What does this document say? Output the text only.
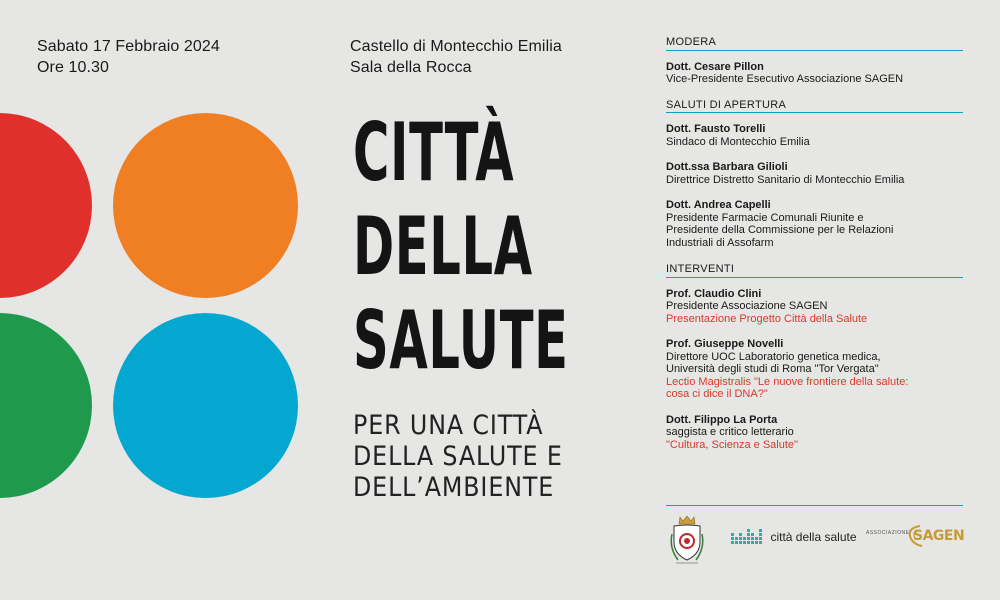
Sabato 17 Febbraio 2024
Ore 10.30
Castello di Montecchio Emilia
Sala della Rocca
CITTÀ
DELLA
SALUTE
PER UNA CITTÀ
DELLA SALUTE E
DELL’AMBIENTE
MODERA
Dott. Cesare Pillon
Vice-Presidente Esecutivo Associazione SAGEN
SALUTI DI APERTURA
Dott. Fausto Torelli
Sindaco di Montecchio Emilia
Dott.ssa Barbara Gilioli
Direttrice Distretto Sanitario di Montecchio Emilia
Dott. Andrea Capelli
Presidente Farmacie Comunali Riunite e
Presidente della Commissione per le Relazioni
Industriali di Assofarm
INTERVENTI
Prof. Claudio Clini
Presidente Associazione SAGEN
Presentazione Progetto Città della Salute
Prof. Giuseppe Novelli
Direttore UOC Laboratorio genetica medica,
Università degli studi di Roma "Tor Vergata"
Lectio Magistralis "Le nuove frontiere della salute:
cosa ci dice il DNA?"
Dott. Filippo La Porta
saggista e critico letterario
"Cultura, Scienza e Salute"
città della salute ASSOCIAZIONE SAGEN
